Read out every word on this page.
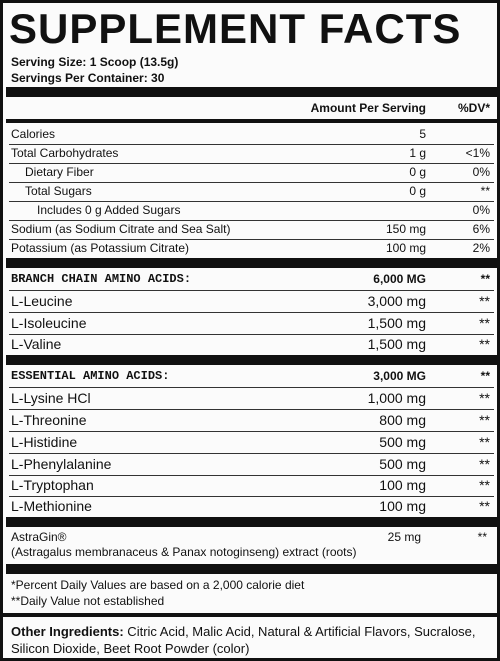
SUPPLEMENT FACTS
Serving Size: 1 Scoop (13.5g)
Servings Per Container: 30
Amount Per Serving	%DV*
Calories	5
Total Carbohydrates	1 g	<1%
Dietary Fiber	0 g	0%
Total Sugars	0 g	**
Includes 0 g Added Sugars	0%
Sodium (as Sodium Citrate and Sea Salt)	150 mg	6%
Potassium (as Potassium Citrate)	100 mg	2%
BRANCH CHAIN AMINO ACIDS:	6,000 MG	**
L-Leucine	3,000 mg	**
L-Isoleucine	1,500 mg	**
L-Valine	1,500 mg	**
ESSENTIAL AMINO ACIDS:	3,000 MG	**
L-Lysine HCl	1,000 mg	**
L-Threonine	800 mg	**
L-Histidine	500 mg	**
L-Phenylalanine	500 mg	**
L-Tryptophan	100 mg	**
L-Methionine	100 mg	**
AstraGin®
(Astragalus membranaceus & Panax notoginseng) extract (roots)
25 mg	**
*Percent Daily Values are based on a 2,000 calorie diet
**Daily Value not established
Other Ingredients: Citric Acid, Malic Acid, Natural & Artificial Flavors, Sucralose, Silicon Dioxide, Beet Root Powder (color)
